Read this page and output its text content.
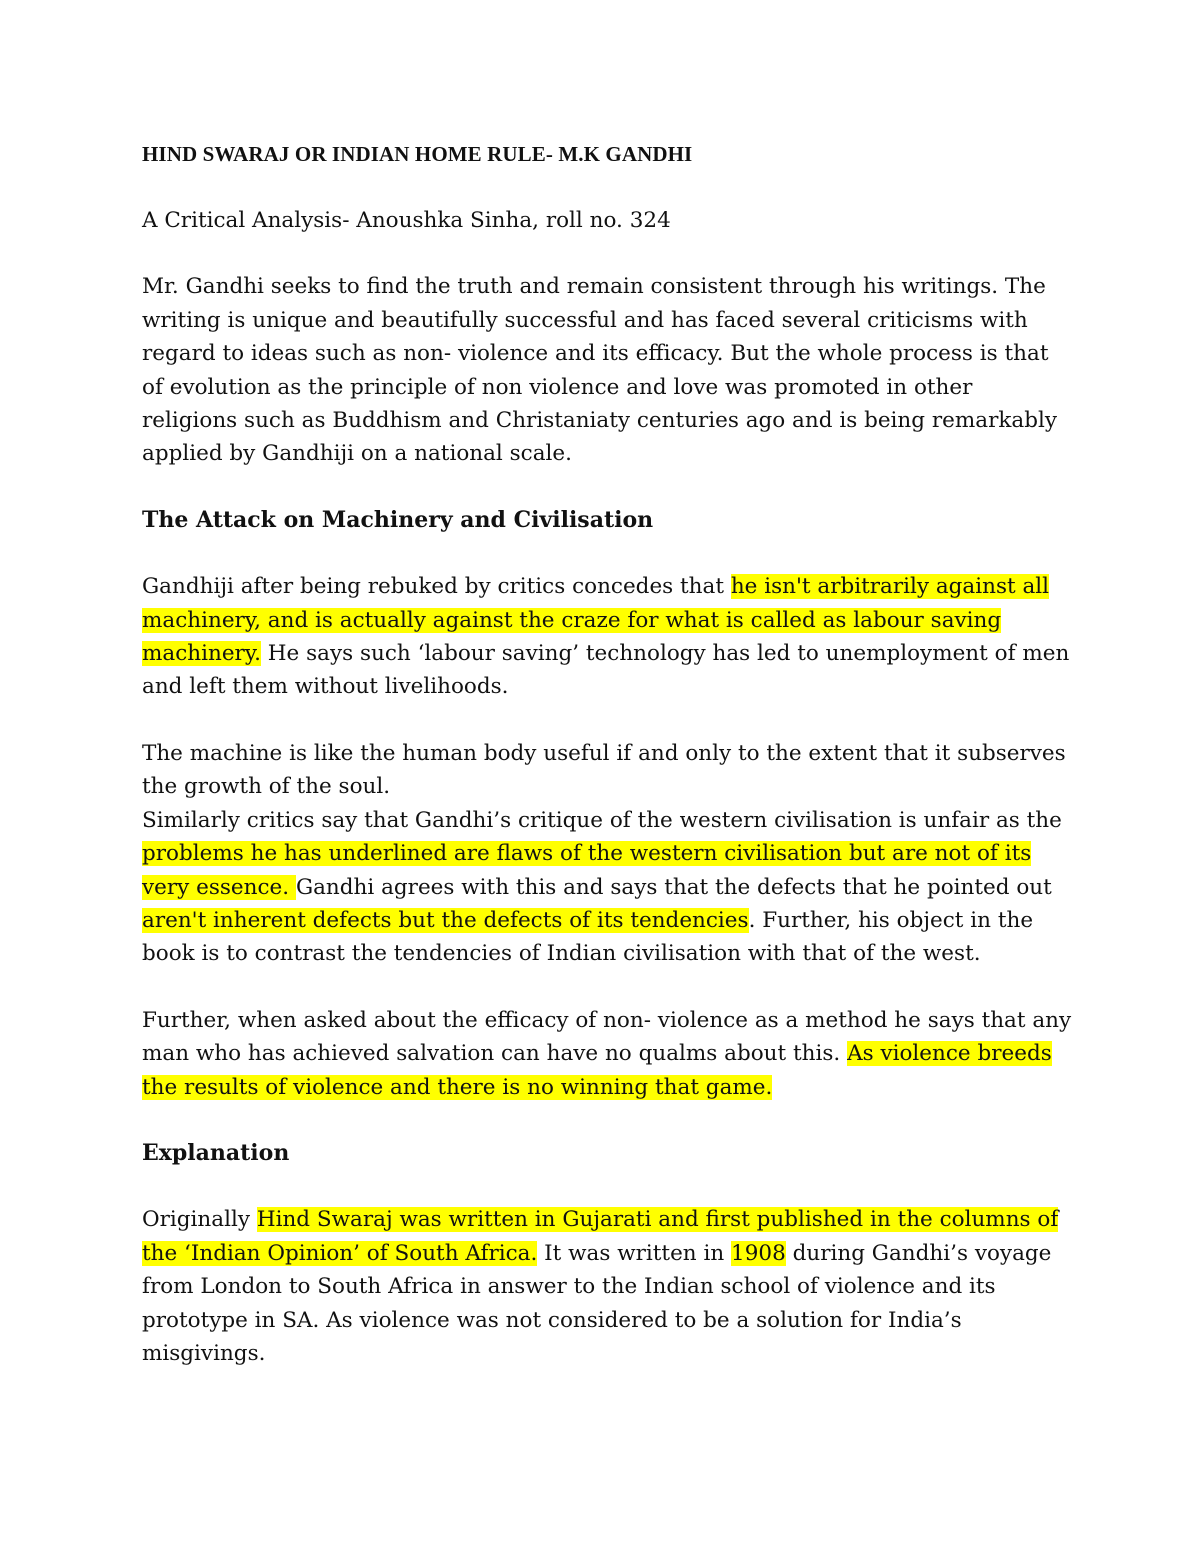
HIND SWARAJ OR INDIAN HOME RULE- M.K GANDHI

A Critical Analysis- Anoushka Sinha, roll no. 324

Mr. Gandhi seeks to find the truth and remain consistent through his writings. The writing is unique and beautifully successful and has faced several criticisms with regard to ideas such as non- violence and its efficacy. But the whole process is that of evolution as the principle of non violence and love was promoted in other religions such as Buddhism and Christaniaty centuries ago and is being remarkably applied by Gandhiji on a national scale.

The Attack on Machinery and Civilisation

Gandhiji after being rebuked by critics concedes that he isn't arbitrarily against all machinery, and is actually against the craze for what is called as labour saving machinery. He says such ‘labour saving’ technology has led to unemployment of men and left them without livelihoods.

The machine is like the human body useful if and only to the extent that it subserves the growth of the soul.

Similarly critics say that Gandhi’s critique of the western civilisation is unfair as the problems he has underlined are flaws of the western civilisation but are not of its very essence. Gandhi agrees with this and says that the defects that he pointed out aren't inherent defects but the defects of its tendencies. Further, his object in the book is to contrast the tendencies of Indian civilisation with that of the west.

Further, when asked about the efficacy of non- violence as a method he says that any man who has achieved salvation can have no qualms about this. As violence breeds the results of violence and there is no winning that game.

Explanation

Originally Hind Swaraj was written in Gujarati and first published in the columns of the ‘Indian Opinion’ of South Africa. It was written in 1908 during Gandhi’s voyage from London to South Africa in answer to the Indian school of violence and its prototype in SA. As violence was not considered to be a solution for India’s misgivings.
